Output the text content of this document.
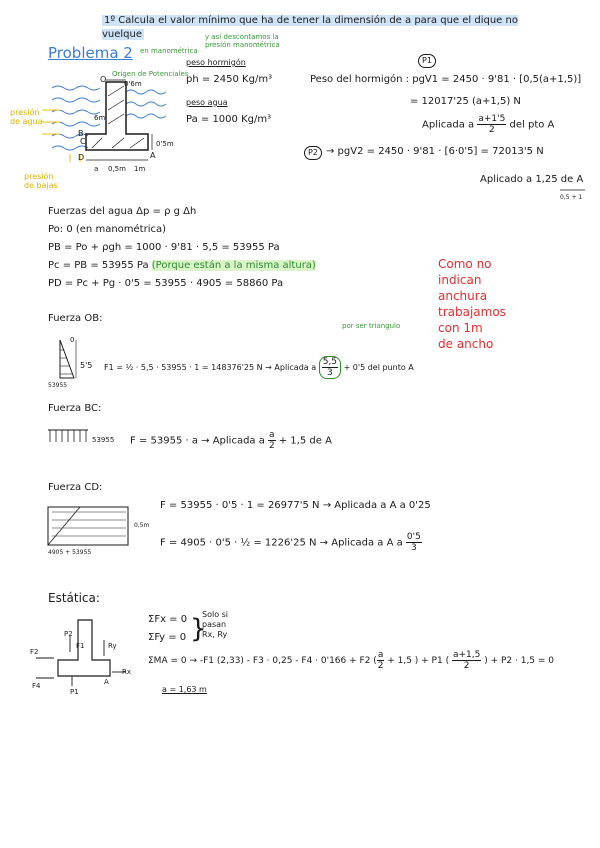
1º Calcula el valor mínimo que ha de tener la dimensión de a para que el dique no vuelque
Problema 2 en manométrica
y así descontamos la presión manométrica
Origen de Potenciales
presión de agua
presión de bajas
0'6m
6m
0'5m
a 0,5m 1m
A
B
C
D
O
peso hormigón
ph = 2450 Kg/m³
peso agua
Pa = 1000 Kg/m³
P1
Peso del hormigón : pgV1 = 2450 · 9'81 · [0,5(a+1,5)]
= 12017'25 (a+1,5) N
Aplicada a $\frac{a+1'5}{2}$ del pto A
P2 → pgV2 = 2450 · 9'81 · [6·0'5] = 72013'5 N
Aplicado a 1,25 de A
0,5 + 1
Fuerzas del agua Δp = ρ g Δh
Po: 0 (en manométrica)
PB = Po + ρgh = 1000 · 9'81 · 5,5 = 53955 Pa
Pc = PB = 53955 Pa (Porque están a la misma altura)
PD = Pc + Pg · 0'5 = 53955 · 4905 = 58860 Pa
Como no
indican
anchura
trabajamos
con 1m
de ancho
Fuerza OB:
0
5'5
53955
F1 = ½ · 5,5 · 53955 · 1 = 148376'25 N → Aplicada a $\frac{5,5}{3} + 0'5$ del punto A
por ser triangulo
Fuerza BC:
53955 F = 53955 · a → Aplicada a $\frac{a}{2} + 1,5$ de A
Fuerza CD:
0,5m
4905 + 53955
F = 53955 · 0'5 · 1 = 26977'5 N → Aplicada a A a 0'25
F = 4905 · 0'5 · ½ = 1226'25 N → Aplicada a A a $\frac{0'5}{3}$
Estática:
F2
P2
Ry
F1
P1
Rx
F4	A
ΣFx = 0
ΣFy = 0 }
Solo si
pasan
Rx, Ry
ΣMA = 0 → -F1 (2,33) - F3 · 0,25 - F4 · 0'166 + F2 ( $\frac{a}{2} + 1,5$ ) + P1 ( $\frac{a+1,5}{2}$ ) + P2 · 1,5 = 0
a = 1,63 m
